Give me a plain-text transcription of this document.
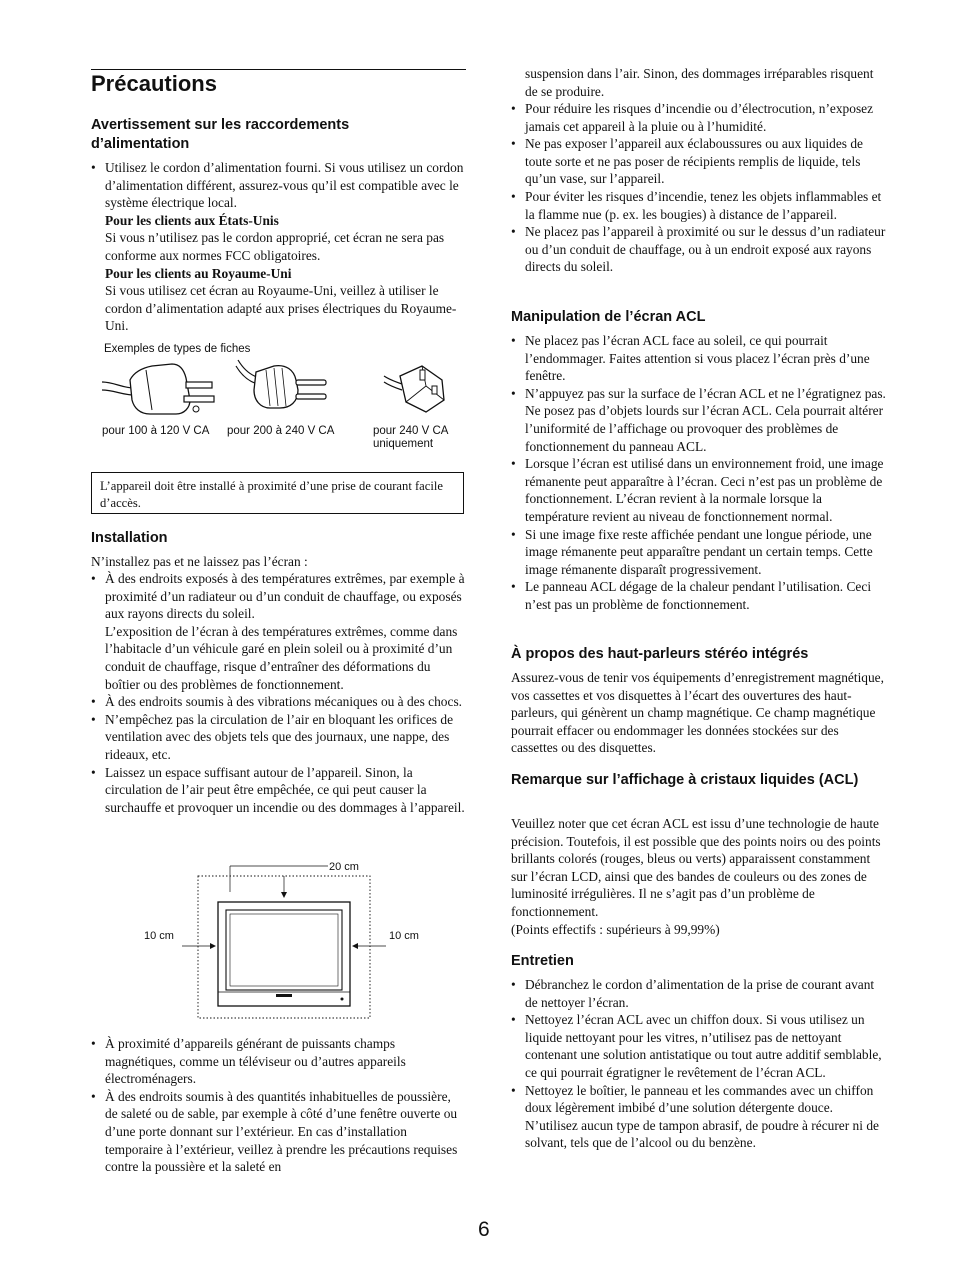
Précautions
Avertissement sur les raccordements d’alimentation
• Utilisez le cordon d’alimentation fourni. Si vous utilisez un cordon d’alimentation différent, assurez-vous qu’il est compatible avec le système électrique local.
Pour les clients aux États-Unis
Si vous n’utilisez pas le cordon approprié, cet écran ne sera pas conforme aux normes FCC obligatoires.
Pour les clients au Royaume-Uni
Si vous utilisez cet écran au Royaume-Uni, veillez à utiliser le cordon d’alimentation adapté aux prises électriques du Royaume-Uni.
Exemples de types de fiches
pour 100 à 120 V CA pour 200 à 240 V CA	pour 240 V CA uniquement
L’appareil doit être installé à proximité d’une prise de courant facile d’accès.
Installation

N’installez pas et ne laissez pas l’écran :

• À des endroits exposés à des températures extrêmes, par exemple à proximité d’un radiateur ou d’un conduit de chauffage, ou exposés aux rayons directs du soleil.
L’exposition de l’écran à des températures extrêmes, comme dans l’habitacle d’un véhicule garé en plein soleil ou à proximité d’un conduit de chauffage, risque d’entraîner des déformations du boîtier ou des problèmes de fonctionnement.
• À des endroits soumis à des vibrations mécaniques ou à des chocs.
• N’empêchez pas la circulation de l’air en bloquant les orifices de ventilation avec des objets tels que des journaux, une nappe, des rideaux, etc.
• Laissez un espace suffisant autour de l’appareil. Sinon, la circulation de l’air peut être empêchée, ce qui peut causer la surchauffe et provoquer un incendie ou des dommages à l’appareil.
20 cm
10 cm	10 cm
• À proximité d’appareils générant de puissants champs magnétiques, comme un téléviseur ou d’autres appareils électroménagers.
• À des endroits soumis à des quantités inhabituelles de poussière, de saleté ou de sable, par exemple à côté d’une fenêtre ouverte ou d’une porte donnant sur l’extérieur. En cas d’installation temporaire à l’extérieur, veillez à prendre les précautions requises contre la poussière et la saleté en

suspension dans l’air. Sinon, des dommages irréparables risquent de se produire.

• Pour réduire les risques d’incendie ou d’électrocution, n’exposez jamais cet appareil à la pluie ou à l’humidité.
• Ne pas exposer l’appareil aux éclaboussures ou aux liquides de toute sorte et ne pas poser de récipients remplis de liquide, tels qu’un vase, sur l’appareil.
• Pour éviter les risques d’incendie, tenez les objets inflammables et la flamme nue (p. ex. les bougies) à distance de l’appareil.
• Ne placez pas l’appareil à proximité ou sur le dessus d’un radiateur ou d’un conduit de chauffage, ou à un endroit exposé aux rayons directs du soleil.
Manipulation de l’écran ACL
• Ne placez pas l’écran ACL face au soleil, ce qui pourrait l’endommager. Faites attention si vous placez l’écran près d’une fenêtre.
• N’appuyez pas sur la surface de l’écran ACL et ne l’égratignez pas. Ne posez pas d’objets lourds sur l’écran ACL. Cela pourrait altérer l’uniformité de l’affichage ou provoquer des problèmes de fonctionnement du panneau ACL.
• Lorsque l’écran est utilisé dans un environnement froid, une image rémanente peut apparaître à l’écran. Ceci n’est pas un problème de fonctionnement. L’écran revient à la normale lorsque la température revient au niveau de fonctionnement normal.
• Si une image fixe reste affichée pendant une longue période, une image rémanente peut apparaître pendant un certain temps. Cette image rémanente disparaît progressivement.
• Le panneau ACL dégage de la chaleur pendant l’utilisation. Ceci n’est pas un problème de fonctionnement.
À propos des haut-parleurs stéréo intégrés

Assurez-vous de tenir vos équipements d’enregistrement magnétique, vos cassettes et vos disquettes à l’écart des ouvertures des haut-parleurs, qui génèrent un champ magnétique. Ce champ magnétique pourrait effacer ou endommager les données stockées sur des cassettes ou des disquettes.

Remarque sur l’affichage à cristaux liquides (ACL)

Veuillez noter que cet écran ACL est issu d’une technologie de haute précision. Toutefois, il est possible que des points noirs ou des points brillants colorés (rouges, bleus ou verts) apparaissent constamment sur l’écran LCD, ainsi que des bandes de couleurs ou des zones de luminosité irrégulières. Il ne s’agit pas d’un problème de fonctionnement.
(Points effectifs : supérieurs à 99,99%)

Entretien
• Débranchez le cordon d’alimentation de la prise de courant avant de nettoyer l’écran.
• Nettoyez l’écran ACL avec un chiffon doux. Si vous utilisez un liquide nettoyant pour les vitres, n’utilisez pas de nettoyant contenant une solution antistatique ou tout autre additif semblable, ce qui pourrait égratigner le revêtement de l’écran ACL.
• Nettoyez le boîtier, le panneau et les commandes avec un chiffon doux légèrement imbibé d’une solution détergente douce. N’utilisez aucun type de tampon abrasif, de poudre à récurer ni de solvant, tels que de l’alcool ou du benzène.
6
